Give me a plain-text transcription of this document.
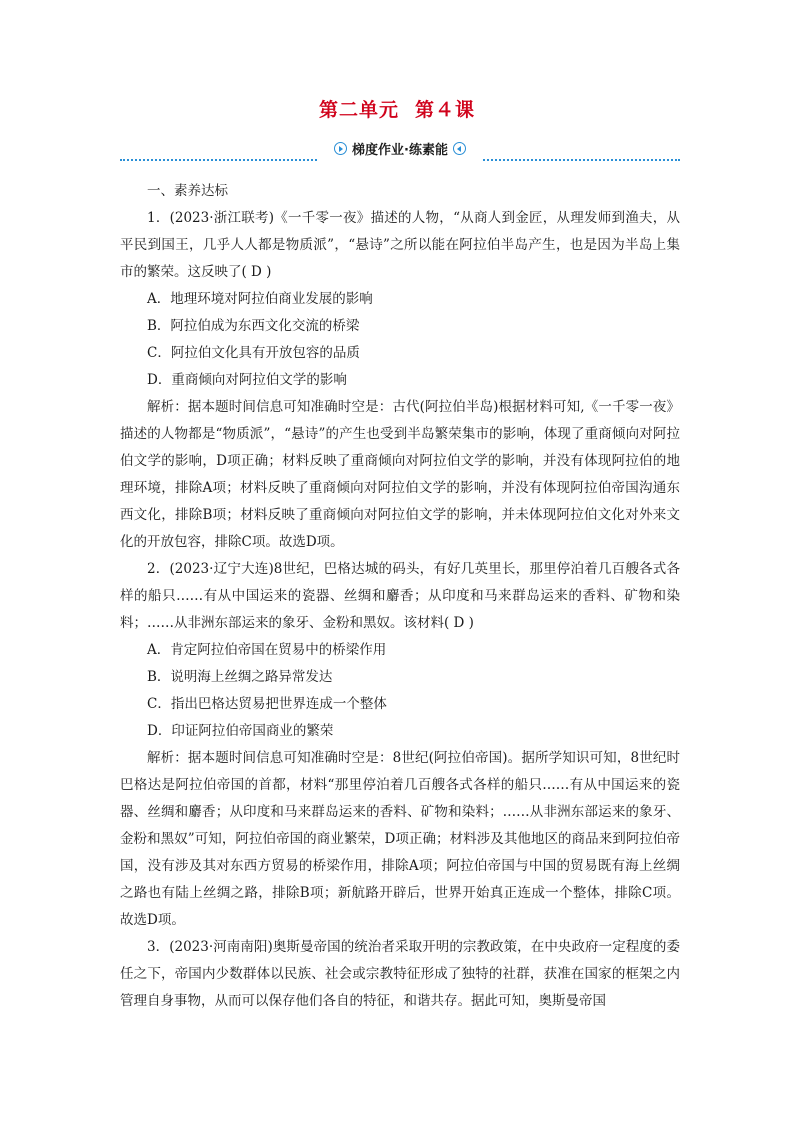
第二单元 第４课
梯度作业·练素能

一、素养达标

1．(2023·浙江联考)《一千零一夜》描述的人物，“从商人到金匠，从理发师到渔夫，从平民到国王，几乎人人都是物质派”，“悬诗”之所以能在阿拉伯半岛产生，也是因为半岛上集市的繁荣。这反映了( D )

A．地理环境对阿拉伯商业发展的影响

B．阿拉伯成为东西文化交流的桥梁

C．阿拉伯文化具有开放包容的品质

D．重商倾向对阿拉伯文学的影响

解析：据本题时间信息可知准确时空是：古代(阿拉伯半岛)根据材料可知,《一千零一夜》描述的人物都是“物质派”，“悬诗”的产生也受到半岛繁荣集市的影响，体现了重商倾向对阿拉伯文学的影响，D项正确；材料反映了重商倾向对阿拉伯文学的影响，并没有体现阿拉伯的地理环境，排除A项；材料反映了重商倾向对阿拉伯文学的影响，并没有体现阿拉伯帝国沟通东西文化，排除B项；材料反映了重商倾向对阿拉伯文学的影响，并未体现阿拉伯文化对外来文化的开放包容，排除C项。故选D项。

2．(2023·辽宁大连)8世纪，巴格达城的码头，有好几英里长，那里停泊着几百艘各式各样的船只……有从中国运来的瓷器、丝绸和麝香；从印度和马来群岛运来的香料、矿物和染料；……从非洲东部运来的象牙、金粉和黑奴。该材料( D )

A．肯定阿拉伯帝国在贸易中的桥梁作用

B．说明海上丝绸之路异常发达

C．指出巴格达贸易把世界连成一个整体

D．印证阿拉伯帝国商业的繁荣

解析：据本题时间信息可知准确时空是：8世纪(阿拉伯帝国)。据所学知识可知，8世纪时巴格达是阿拉伯帝国的首都，材料“那里停泊着几百艘各式各样的船只……有从中国运来的瓷器、丝绸和麝香；从印度和马来群岛运来的香料、矿物和染料；……从非洲东部运来的象牙、金粉和黑奴”可知，阿拉伯帝国的商业繁荣，D项正确；材料涉及其他地区的商品来到阿拉伯帝国，没有涉及其对东西方贸易的桥梁作用，排除A项；阿拉伯帝国与中国的贸易既有海上丝绸之路也有陆上丝绸之路，排除B项；新航路开辟后，世界开始真正连成一个整体，排除C项。故选D项。

3．(2023·河南南阳)奥斯曼帝国的统治者采取开明的宗教政策，在中央政府一定程度的委任之下，帝国内少数群体以民族、社会或宗教特征形成了独特的社群，获准在国家的框架之内管理自身事物，从而可以保存他们各自的特征，和谐共存。据此可知，奥斯曼帝国
